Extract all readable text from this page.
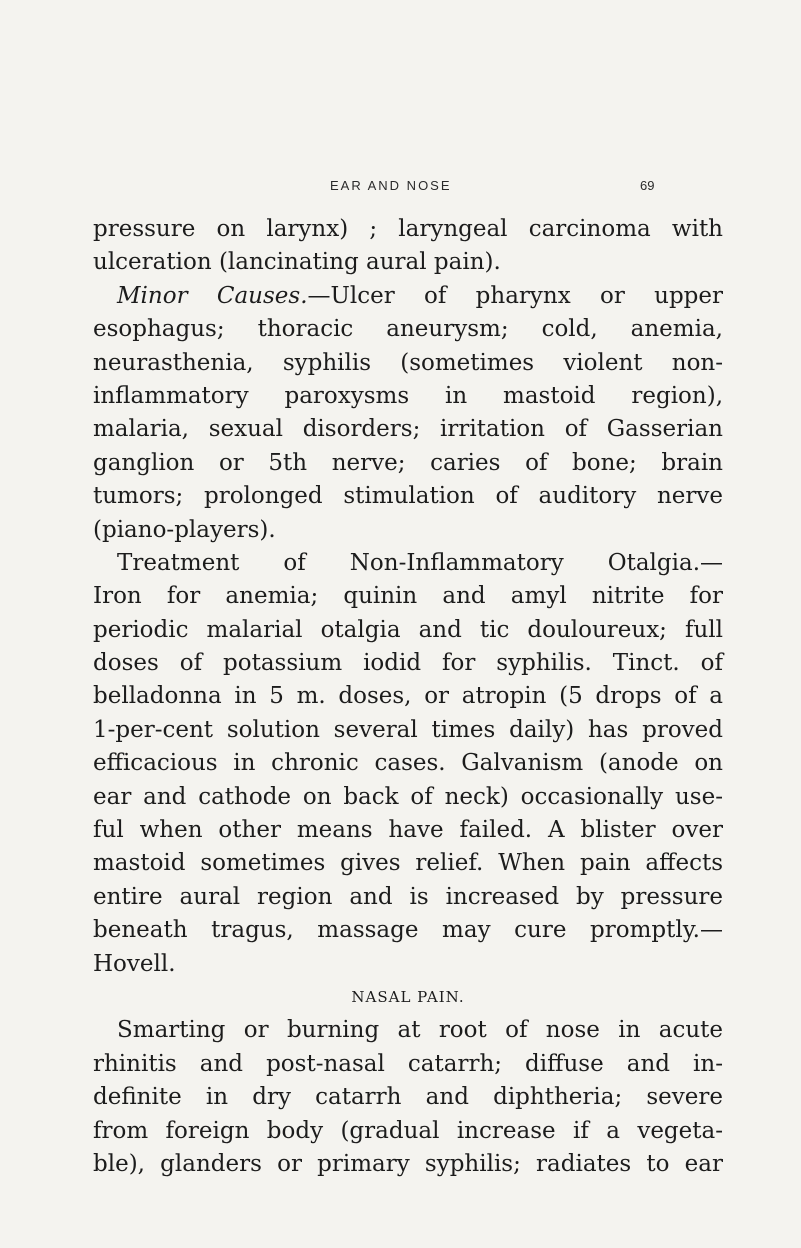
EAR AND NOSE	69
pressure on larynx) ; laryngeal carcinoma with
ulceration (lancinating aural pain).
Minor Causes.—Ulcer of pharynx or upper
esophagus; thoracic aneurysm; cold, anemia,
neurasthenia, syphilis (sometimes violent non-
inflammatory paroxysms in mastoid region),
malaria, sexual disorders; irritation of Gasserian
ganglion or 5th nerve; caries of bone; brain
tumors; prolonged stimulation of auditory nerve
(piano-players).
Treatment of Non-Inflammatory Otalgia.—
Iron for anemia; quinin and amyl nitrite for
periodic malarial otalgia and tic douloureux; full
doses of potassium iodid for syphilis. Tinct. of
belladonna in 5 m. doses, or atropin (5 drops of a
1-per-cent solution several times daily) has proved
efficacious in chronic cases. Galvanism (anode on
ear and cathode on back of neck) occasionally use-
ful when other means have failed. A blister over
mastoid sometimes gives relief. When pain affects
entire aural region and is increased by pressure
beneath tragus, massage may cure promptly.—
Hovell.
NASAL PAIN.
Smarting or burning at root of nose in acute
rhinitis and post-nasal catarrh; diffuse and in-
definite in dry catarrh and diphtheria; severe
from foreign body (gradual increase if a vegeta-
ble), glanders or primary syphilis; radiates to ear
